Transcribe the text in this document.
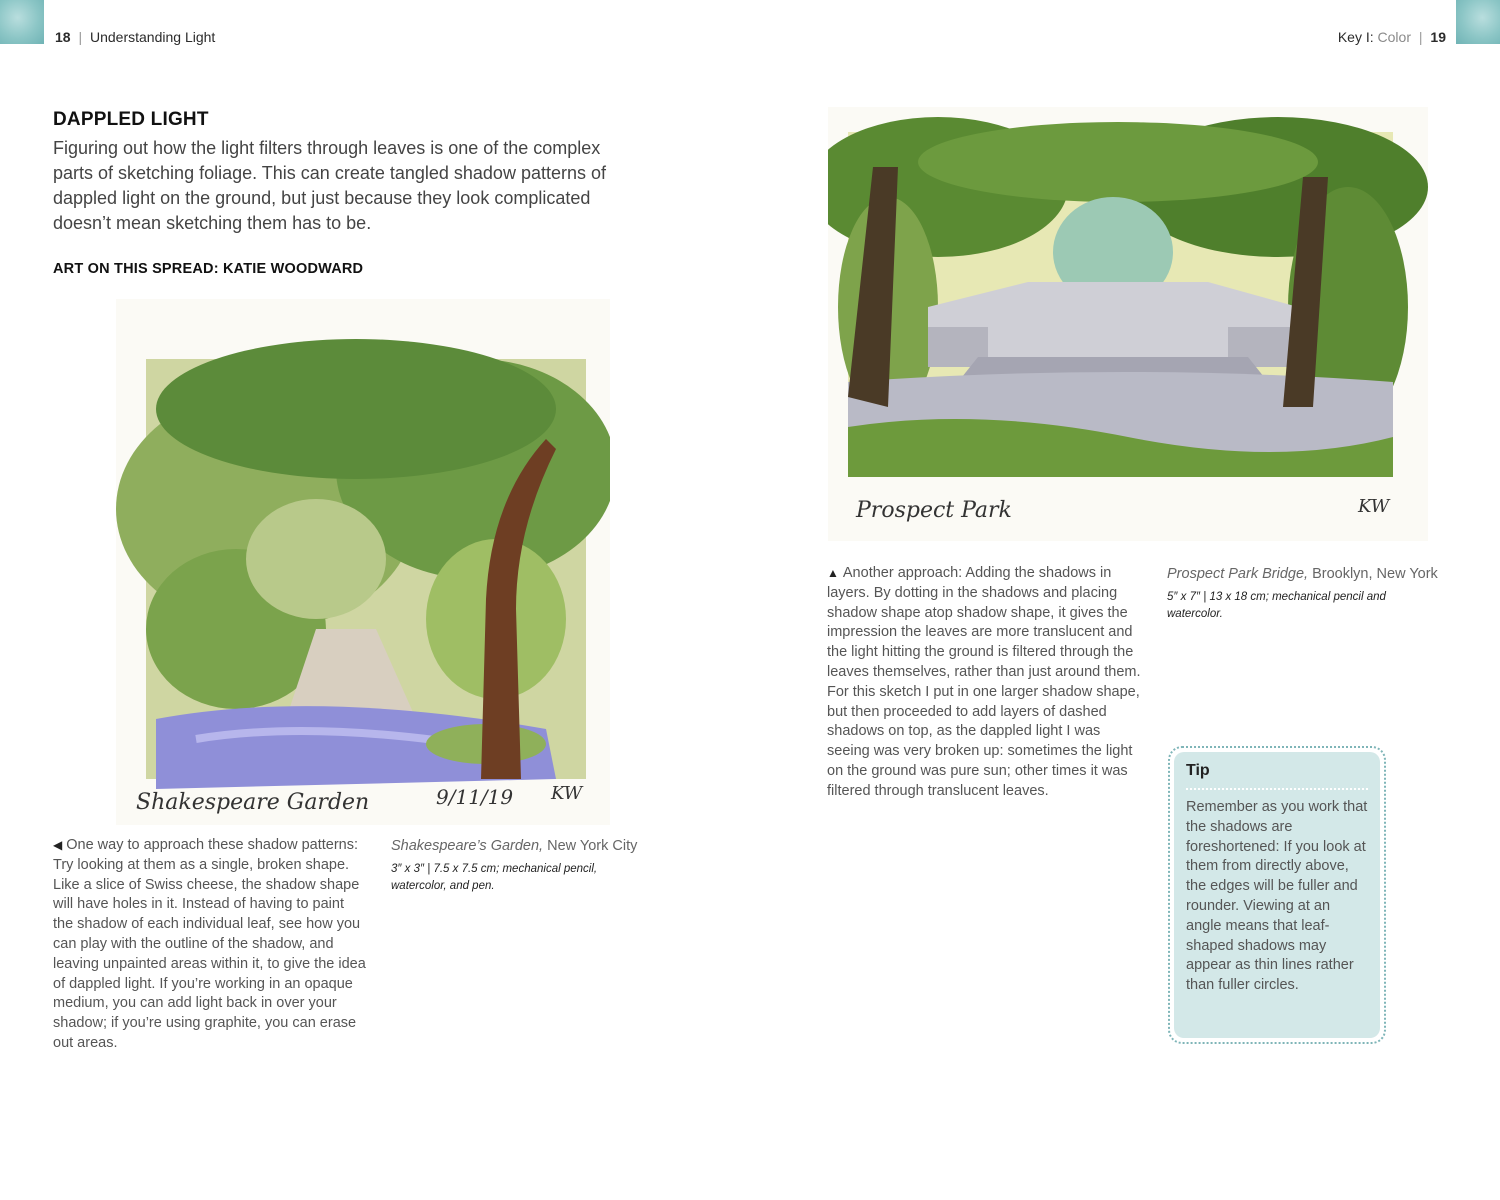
18 | Understanding Light	Key I: Color | 19
DAPPLED LIGHT
Figuring out how the light filters through leaves is one of the complex parts of sketching foliage. This can create tangled shadow patterns of dappled light on the ground, but just because they look complicated doesn’t mean sketching them has to be.
ART ON THIS SPREAD: KATIE WOODWARD
Shakespeare Garden	9/11/19 KW
Prospect Park	KW
◀ One way to approach these shadow patterns: Try looking at them as a single, broken shape. Like a slice of Swiss cheese, the shadow shape will have holes in it. Instead of having to paint the shadow of each individual leaf, see how you can play with the outline of the shadow, and leaving unpainted areas within it, to give the idea of dappled light. If you’re working in an opaque medium, you can add light back in over your shadow; if you’re using graphite, you can erase out areas.
Shakespeare’s Garden, New York City
3″ x 3″ | 7.5 x 7.5 cm; mechanical pencil, watercolor, and pen.
▲ Another approach: Adding the shadows in layers. By dotting in the shadows and placing shadow shape atop shadow shape, it gives the impression the leaves are more translucent and the light hitting the ground is filtered through the leaves themselves, rather than just around them. For this sketch I put in one larger shadow shape, but then proceeded to add layers of dashed shadows on top, as the dappled light I was seeing was very broken up: sometimes the light on the ground was pure sun; other times it was filtered through translucent leaves.
Prospect Park Bridge, Brooklyn, New York
5″ x 7″ | 13 x 18 cm; mechanical pencil and watercolor.
Tip
Remember as you work that the shadows are foreshortened: If you look at them from directly above, the edges will be fuller and rounder. Viewing at an angle means that leaf-shaped shadows may appear as thin lines rather than fuller circles.
